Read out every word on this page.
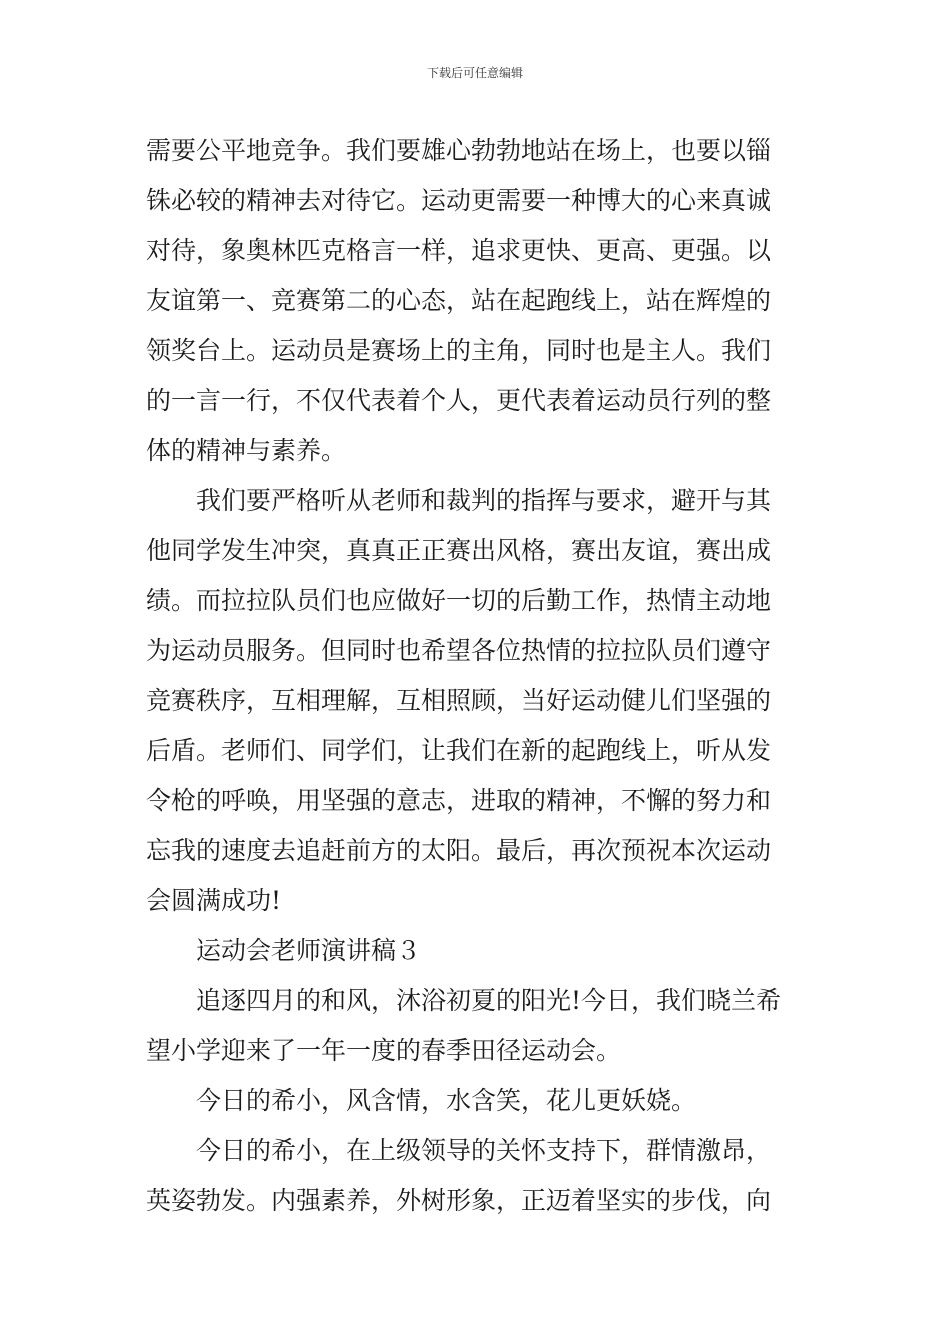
下载后可任意编辑
需要公平地竞争。我们要雄心勃勃地站在场上，也要以锱
铢必较的精神去对待它。运动更需要一种博大的心来真诚
对待，象奥林匹克格言一样，追求更快、更高、更强。以
友谊第一、竞赛第二的心态，站在起跑线上，站在辉煌的
领奖台上。运动员是赛场上的主角，同时也是主人。我们
的一言一行，不仅代表着个人，更代表着运动员行列的整
体的精神与素养。
我们要严格听从老师和裁判的指挥与要求，避开与其
他同学发生冲突，真真正正赛出风格，赛出友谊，赛出成
绩。而拉拉队员们也应做好一切的后勤工作，热情主动地
为运动员服务。但同时也希望各位热情的拉拉队员们遵守
竞赛秩序，互相理解，互相照顾，当好运动健儿们坚强的
后盾。老师们、同学们，让我们在新的起跑线上，听从发
令枪的呼唤，用坚强的意志，进取的精神，不懈的努力和
忘我的速度去追赶前方的太阳。最后，再次预祝本次运动
会圆满成功!
运动会老师演讲稿３
追逐四月的和风，沐浴初夏的阳光!今日，我们晓兰希
望小学迎来了一年一度的春季田径运动会。
今日的希小，风含情，水含笑，花儿更妖娆。
今日的希小，在上级领导的关怀支持下，群情激昂，
英姿勃发。内强素养，外树形象，正迈着坚实的步伐，向
